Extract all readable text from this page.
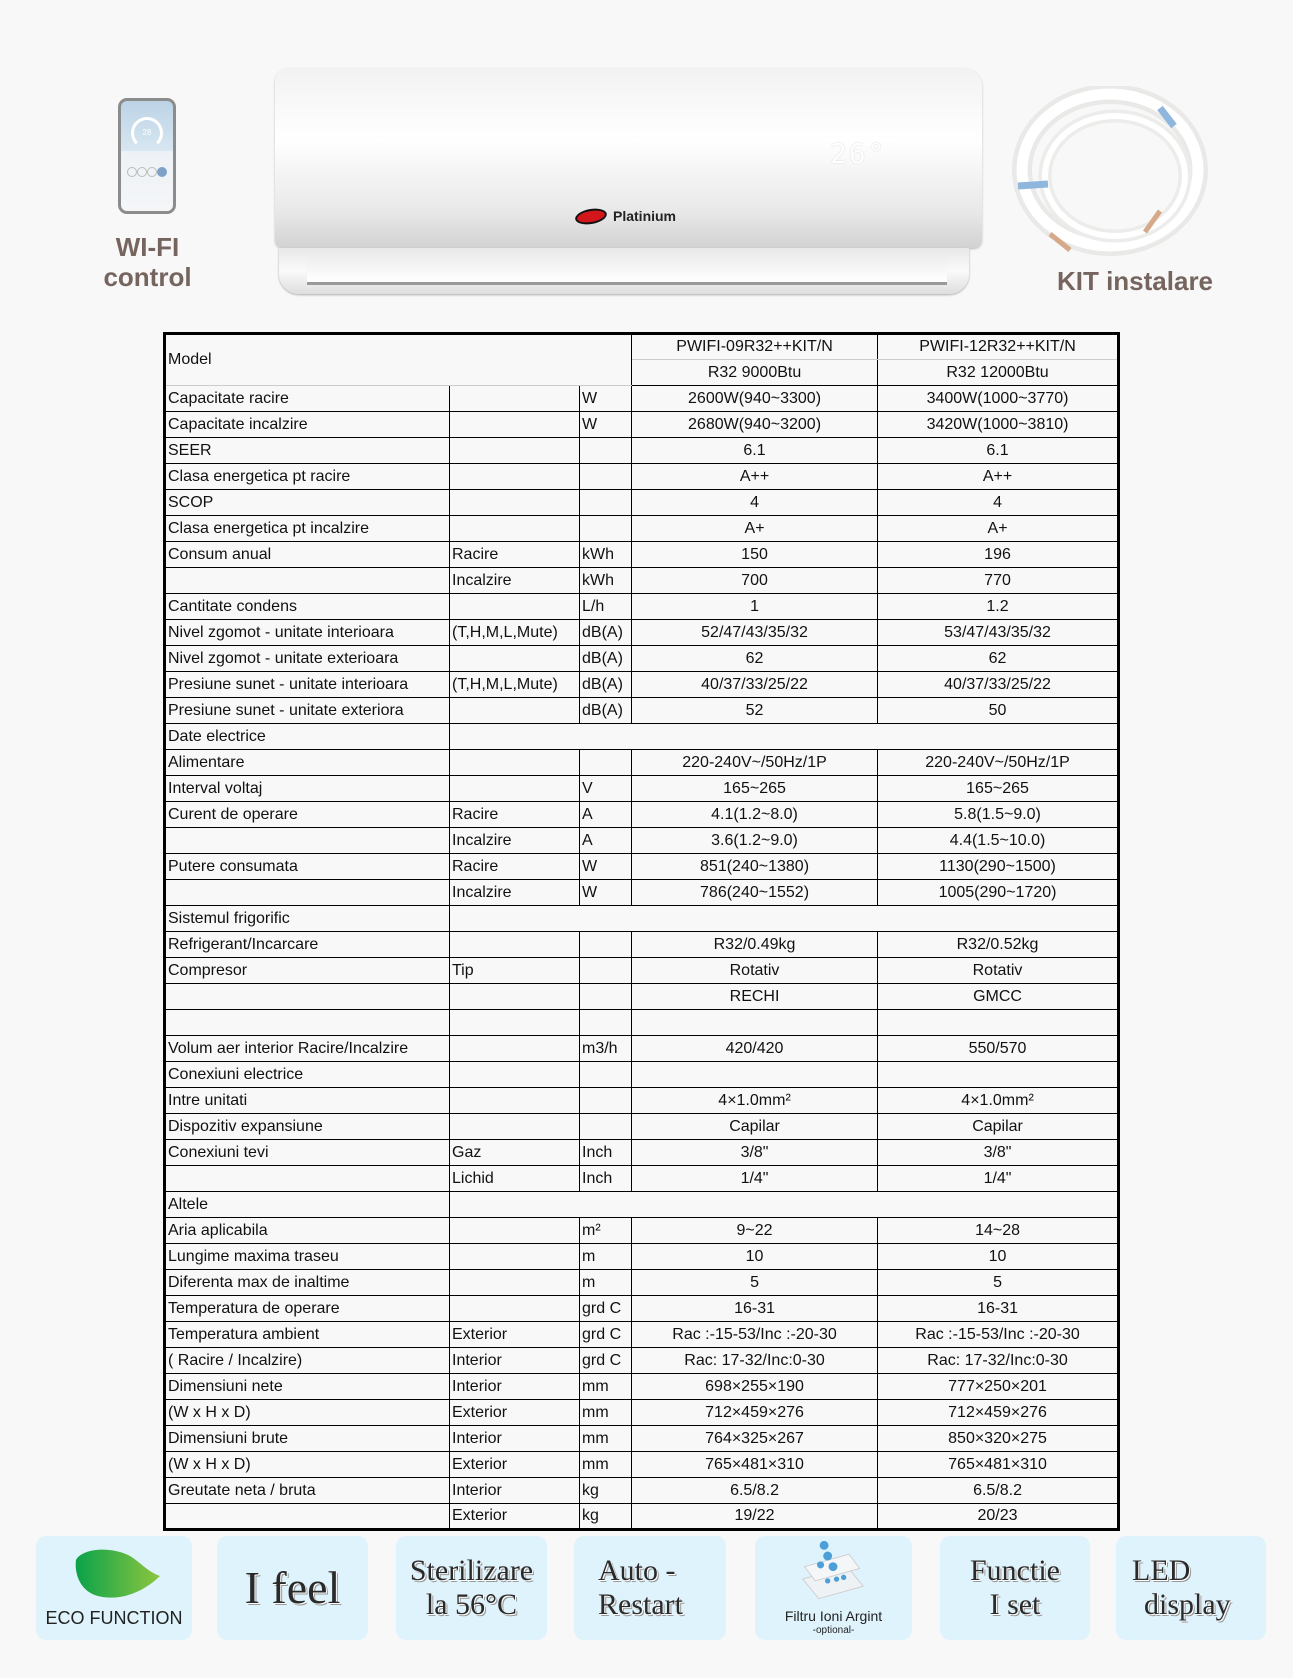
28
WI-FI
control
26°
Platinium
KIT instalare
Model			PWIFI-09R32++KIT/N	PWIFI-12R32++KIT/N
			R32 9000Btu	R32 12000Btu
Capacitate racire		W	2600W(940~3300)	3400W(1000~3770)
Capacitate incalzire		W	2680W(940~3200)	3420W(1000~3810)
SEER			6.1	6.1
Clasa energetica pt racire			A++	A++
SCOP			4	4
Clasa energetica pt incalzire			A+	A+
Consum anual	Racire	kWh	150	196
	Incalzire	kWh	700	770
Cantitate condens		L/h	1	1.2
Nivel zgomot - unitate interioara	(T,H,M,L,Mute)	dB(A)	52/47/43/35/32	53/47/43/35/32
Nivel zgomot - unitate exterioara		dB(A)	62	62
Presiune sunet - unitate interioara	(T,H,M,L,Mute)	dB(A)	40/37/33/25/22	40/37/33/25/22
Presiune sunet - unitate exteriora		dB(A)	52	50
Date electrice				
Alimentare			220-240V~/50Hz/1P	220-240V~/50Hz/1P
Interval voltaj		V	165~265	165~265
Curent de operare	Racire	A	4.1(1.2~8.0)	5.8(1.5~9.0)
	Incalzire	A	3.6(1.2~9.0)	4.4(1.5~10.0)
Putere consumata	Racire	W	851(240~1380)	1130(290~1500)
	Incalzire	W	786(240~1552)	1005(290~1720)
Sistemul frigorific				
Refrigerant/Incarcare			R32/0.49kg	R32/0.52kg
Compresor	Tip		Rotativ	Rotativ
			RECHI	GMCC

Volum aer interior Racire/Incalzire		m3/h	420/420	550/570
Conexiuni electrice				
Intre unitati			4×1.0mm²	4×1.0mm²
Dispozitiv expansiune			Capilar	Capilar
Conexiuni tevi	Gaz	Inch	3/8"	3/8"
	Lichid	Inch	1/4"	1/4"
Altele				
Aria aplicabila		m²	9~22	14~28
Lungime maxima traseu		m	10	10
Diferenta max de inaltime		m	5	5
Temperatura de operare		grd C	16-31	16-31
Temperatura ambient	Exterior	grd C	Rac :-15-53/Inc :-20-30	Rac :-15-53/Inc :-20-30
( Racire / Incalzire)	Interior	grd C	Rac: 17-32/Inc:0-30	Rac: 17-32/Inc:0-30
Dimensiuni nete	Interior	mm	698×255×190	777×250×201
(W x H x D)	Exterior	mm	712×459×276	712×459×276
Dimensiuni brute	Interior	mm	764×325×267	850×320×275
(W x H x D)	Exterior	mm	765×481×310	765×481×310
Greutate neta / bruta	Interior	kg	6.5/8.2	6.5/8.2
	Exterior	kg	19/22	20/23
ECO FUNCTION
I feel	Sterilizare
la 56°C
Auto -
Restart	Filtru Ioni Argint
-optional-
Functie
I set
LED
display
